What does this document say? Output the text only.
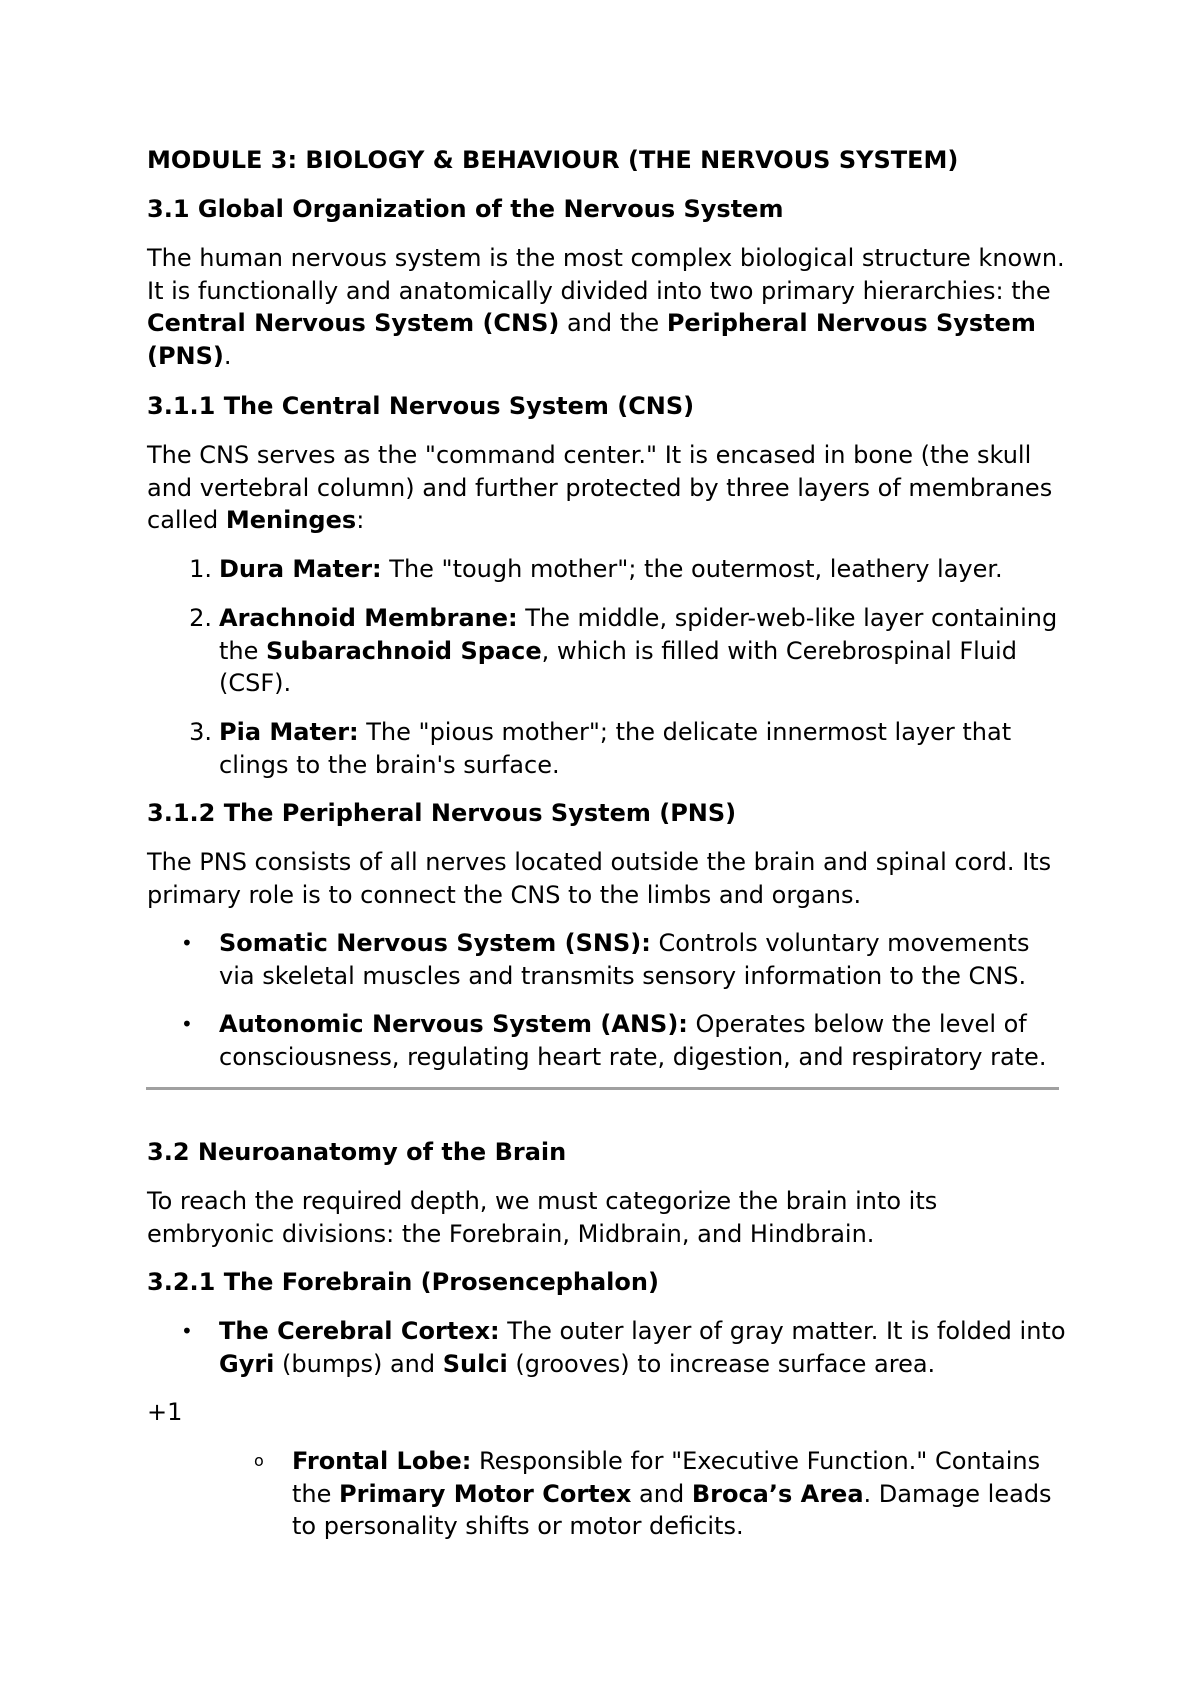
MODULE 3: BIOLOGY & BEHAVIOUR (THE NERVOUS SYSTEM)

3.1 Global Organization of the Nervous System

The human nervous system is the most complex biological structure known. It is functionally and anatomically divided into two primary hierarchies: the Central Nervous System (CNS) and the Peripheral Nervous System (PNS).

3.1.1 The Central Nervous System (CNS)

The CNS serves as the "command center." It is encased in bone (the skull and vertebral column) and further protected by three layers of membranes called Meninges:

1. Dura Mater: The "tough mother"; the outermost, leathery layer.

2. Arachnoid Membrane: The middle, spider-web-like layer containing the Subarachnoid Space, which is filled with Cerebrospinal Fluid (CSF).

3. Pia Mater: The "pious mother"; the delicate innermost layer that clings to the brain's surface.

3.1.2 The Peripheral Nervous System (PNS)

The PNS consists of all nerves located outside the brain and spinal cord. Its primary role is to connect the CNS to the limbs and organs.

•	Somatic Nervous System (SNS): Controls voluntary movements via skeletal muscles and transmits sensory information to the CNS.

•	Autonomic Nervous System (ANS): Operates below the level of consciousness, regulating heart rate, digestion, and respiratory rate.

3.2 Neuroanatomy of the Brain

To reach the required depth, we must categorize the brain into its embryonic divisions: the Forebrain, Midbrain, and Hindbrain.

3.2.1 The Forebrain (Prosencephalon)

•	The Cerebral Cortex: The outer layer of gray matter. It is folded into Gyri (bumps) and Sulci (grooves) to increase surface area.

+1

o	Frontal Lobe: Responsible for "Executive Function." Contains the Primary Motor Cortex and Broca’s Area. Damage leads to personality shifts or motor deficits.
